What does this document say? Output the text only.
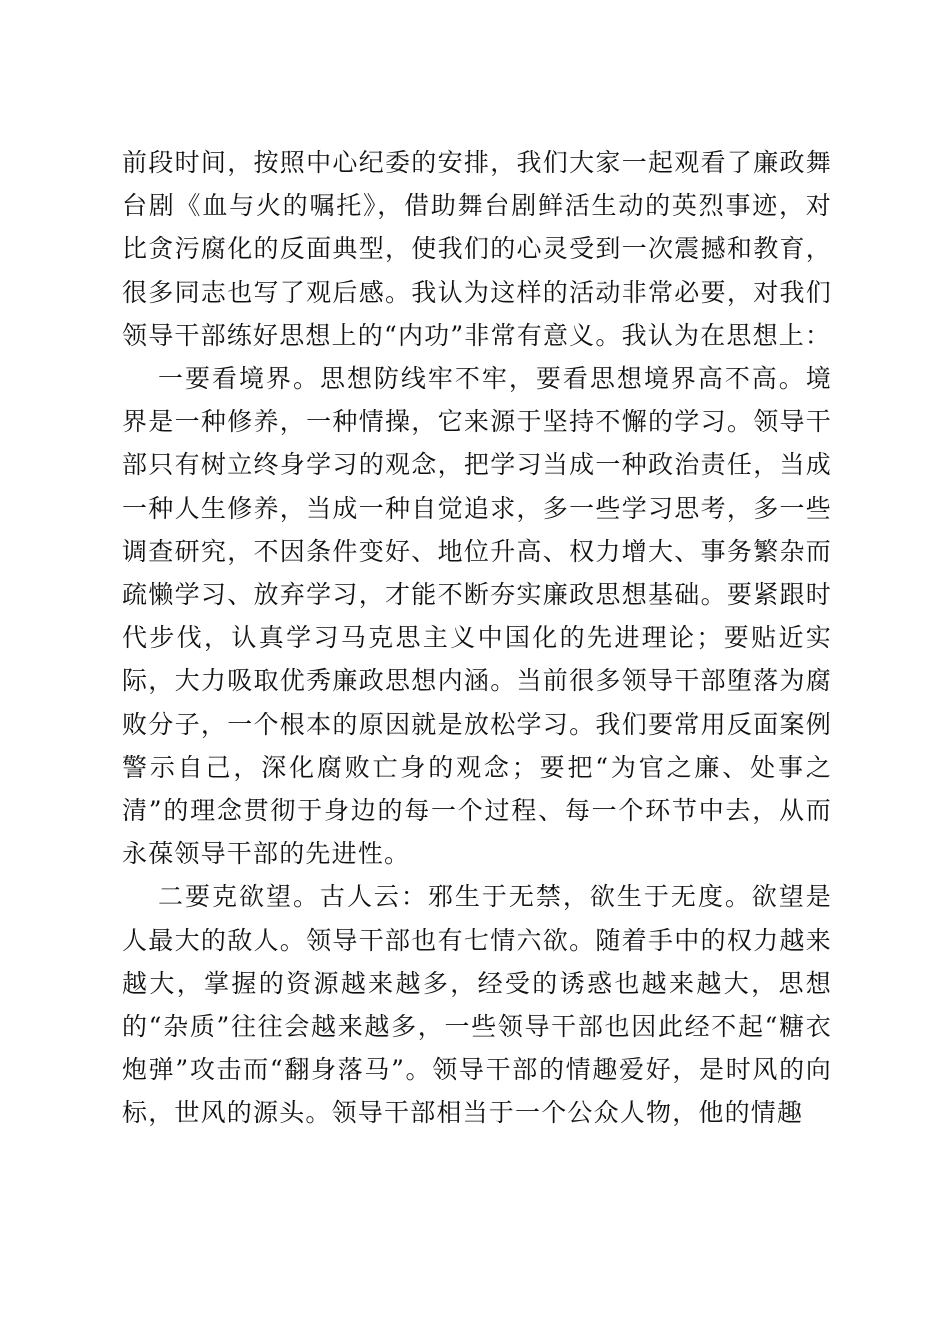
前段时间，按照中心纪委的安排，我们大家一起观看了廉政舞台剧《血与火的嘱托》，借助舞台剧鲜活生动的英烈事迹，对比贪污腐化的反面典型，使我们的心灵受到一次震撼和教育，很多同志也写了观后感。我认为这样的活动非常必要，对我们领导干部练好思想上的“内功”非常有意义。我认为在思想上：

一要看境界。思想防线牢不牢，要看思想境界高不高。境界是一种修养，一种情操，它来源于坚持不懈的学习。领导干部只有树立终身学习的观念，把学习当成一种政治责任，当成一种人生修养，当成一种自觉追求，多一些学习思考，多一些调查研究，不因条件变好、地位升高、权力增大、事务繁杂而疏懒学习、放弃学习，才能不断夯实廉政思想基础。要紧跟时代步伐，认真学习马克思主义中国化的先进理论；要贴近实际，大力吸取优秀廉政思想内涵。当前很多领导干部堕落为腐败分子，一个根本的原因就是放松学习。我们要常用反面案例警示自己，深化腐败亡身的观念；要把“为官之廉、处事之清”的理念贯彻于身边的每一个过程、每一个环节中去，从而永葆领导干部的先进性。

二要克欲望。古人云：邪生于无禁，欲生于无度。欲望是人最大的敌人。领导干部也有七情六欲。随着手中的权力越来越大，掌握的资源越来越多，经受的诱惑也越来越大，思想的“杂质”往往会越来越多，一些领导干部也因此经不起“糖衣炮弹”攻击而“翻身落马”。领导干部的情趣爱好，是时风的向标，世风的源头。领导干部相当于一个公众人物，他的情趣
